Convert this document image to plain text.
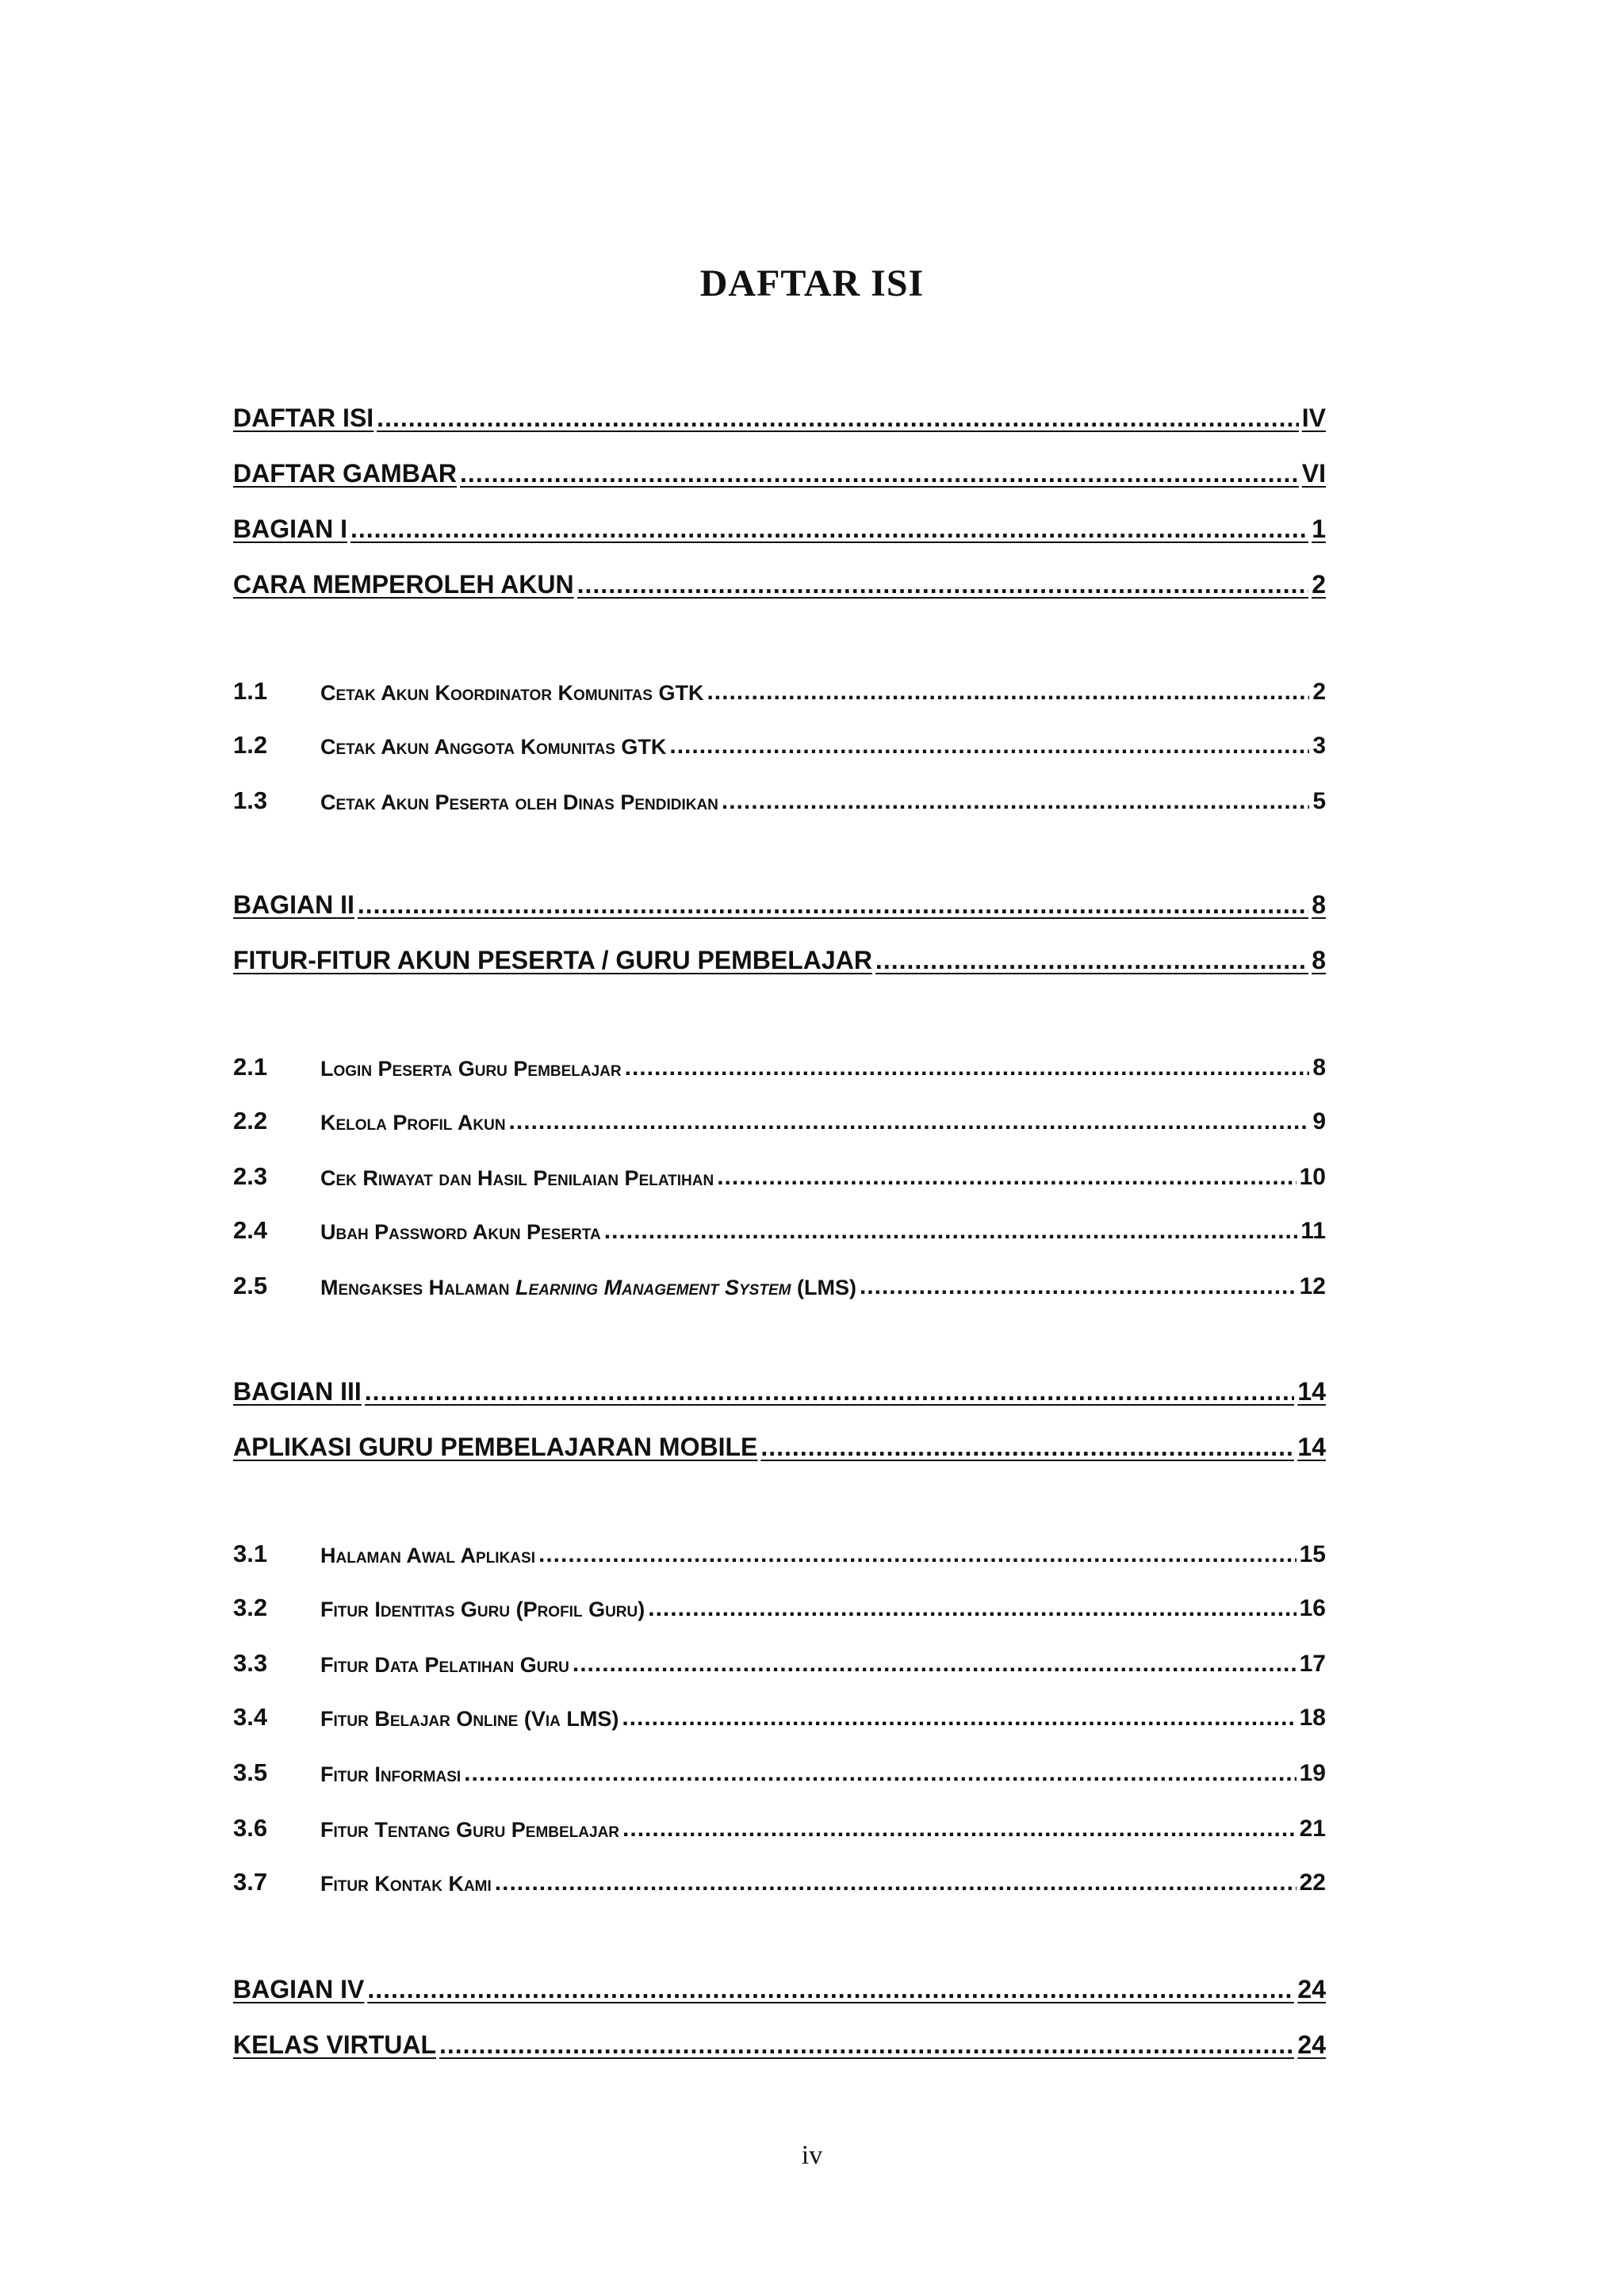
DAFTAR ISI
DAFTAR ISI .....	IV
DAFTAR GAMBAR .....	VI
BAGIAN I .....	1
CARA MEMPEROLEH AKUN .....	2
1.1	Cetak Akun Koordinator Komunitas GTK .....	2
1.2	Cetak Akun Anggota Komunitas GTK .....	3
1.3	Cetak Akun Peserta oleh Dinas Pendidikan .....	5
BAGIAN II .....	8
FITUR-FITUR AKUN PESERTA / GURU PEMBELAJAR .....	8
2.1	Login Peserta Guru Pembelajar .....	8
2.2	Kelola Profil Akun .....	9
2.3	Cek Riwayat dan Hasil Penilaian Pelatihan .....	10
2.4	Ubah Password Akun Peserta .....	11
2.5	Mengakses Halaman Learning Management System (LMS) .....	12
BAGIAN III .....	14
APLIKASI GURU PEMBELAJARAN MOBILE .....	14
3.1	Halaman Awal Aplikasi .....	15
3.2	Fitur Identitas Guru (Profil Guru) .....	16
3.3	Fitur Data Pelatihan Guru .....	17
3.4	Fitur Belajar Online (Via LMS) .....	18
3.5	Fitur Informasi .....	19
3.6	Fitur Tentang Guru Pembelajar .....	21
3.7	Fitur Kontak Kami .....	22
BAGIAN IV .....	24
KELAS VIRTUAL .....	24
iv
